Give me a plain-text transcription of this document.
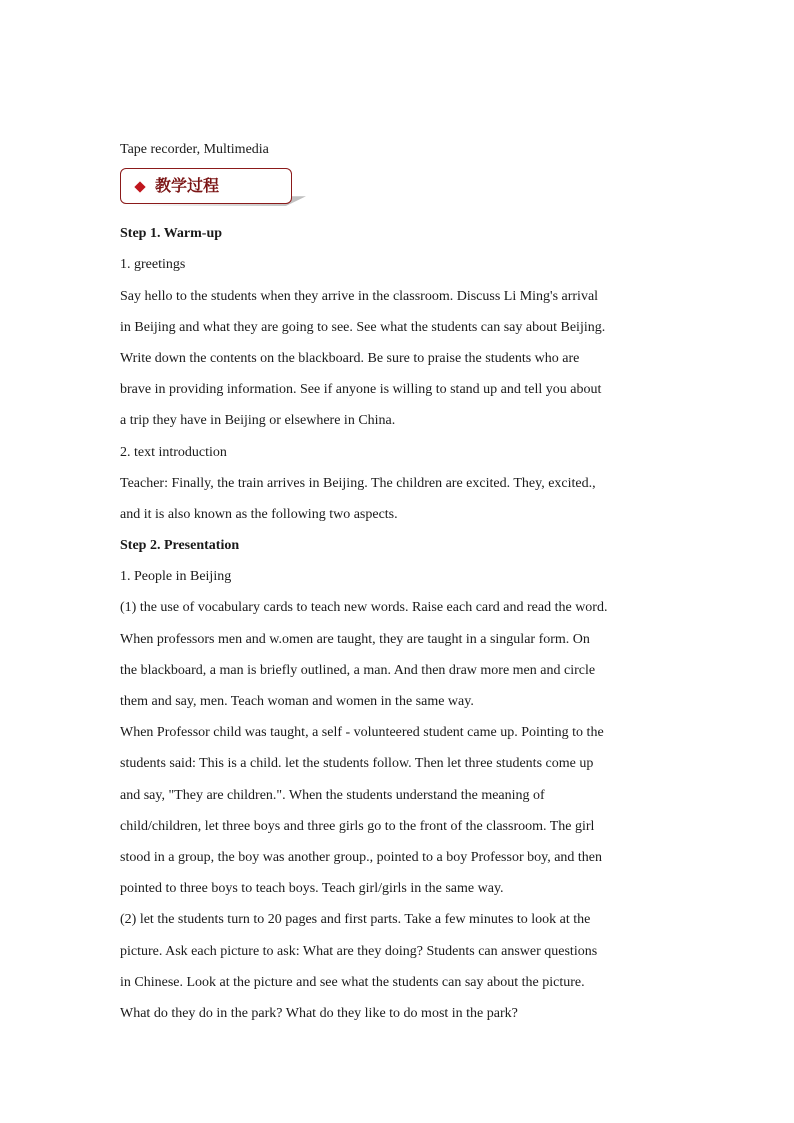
Tape recorder, Multimedia
教学过程
Step 1. Warm-up
1. greetings
Say hello to the students when they arrive in the classroom. Discuss Li Ming's arrival
in Beijing and what they are going to see. See what the students can say about Beijing.
Write down the contents on the blackboard. Be sure to praise the students who are
brave in providing information. See if anyone is willing to stand up and tell you about
a trip they have in Beijing or elsewhere in China.
2. text introduction
Teacher: Finally, the train arrives in Beijing. The children are excited. They, excited.,
and it is also known as the following two aspects.
Step 2. Presentation
1. People in Beijing
(1) the use of vocabulary cards to teach new words. Raise each card and read the word.
When professors men and w.omen are taught, they are taught in a singular form. On
the blackboard, a man is briefly outlined, a man. And then draw more men and circle
them and say, men. Teach woman and women in the same way.
When Professor child was taught, a self - volunteered student came up. Pointing to the
students said: This is a child. let the students follow. Then let three students come up
and say, "They are children.". When the students understand the meaning of
child/children, let three boys and three girls go to the front of the classroom. The girl
stood in a group, the boy was another group., pointed to a boy Professor boy, and then
pointed to three boys to teach boys. Teach girl/girls in the same way.
(2) let the students turn to 20 pages and first parts. Take a few minutes to look at the
picture. Ask each picture to ask: What are they doing? Students can answer questions
in Chinese. Look at the picture and see what the students can say about the picture.
What do they do in the park? What do they like to do most in the park?
